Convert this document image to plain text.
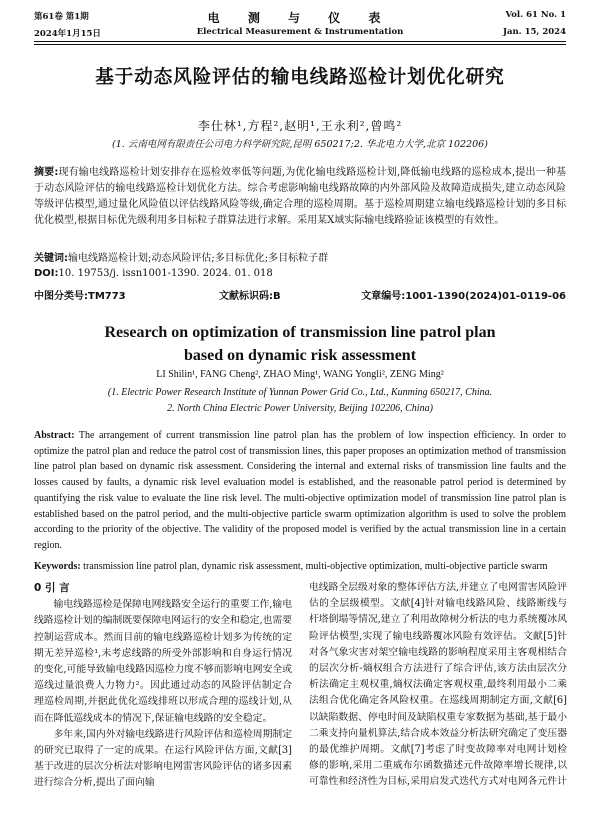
第61卷 第1期	电 测 与 仪 表	Vol. 61 No. 1
2024年1月15日	Electrical Measurement & Instrumentation	Jan. 15, 2024
基于动态风险评估的输电线路巡检计划优化研究
李仕林¹,方程²,赵明¹,王永利²,曾鸣²
(1. 云南电网有限责任公司电力科学研究院,昆明 650217;2. 华北电力大学,北京 102206)
摘要:现有输电线路巡检计划安排存在巡检效率低等问题,为优化输电线路巡检计划,降低输电线路的巡检成本,提出一种基于动态风险评估的输电线路巡检计划优化方法。综合考虑影响输电线路故障的内外部风险及故障造成损失,建立动态风险等级评估模型,通过量化风险值以评估线路风险等级,确定合理的巡检周期。基于巡检周期建立输电线路巡检计划的多目标优化模型,根据目标优先级利用多目标粒子群算法进行求解。采用某X域实际输电线路验证该模型的有效性。
关键词:输电线路巡检计划;动态风险评估;多目标优化;多目标粒子群
DOI:10. 19753/j. issn1001-1390. 2024. 01. 018
中图分类号:TM773	文献标识码:B	文章编号:1001-1390(2024)01-0119-06
Research on optimization of transmission line patrol plan
based on dynamic risk assessment
LI Shilin¹, FANG Cheng², ZHAO Ming¹, WANG Yongli², ZENG Ming²
(1. Electric Power Research Institute of Yunnan Power Grid Co., Ltd., Kunming 650217, China.
2. North China Electric Power University, Beijing 102206, China)
Abstract: The arrangement of current transmission line patrol plan has the problem of low inspection efficiency. In order to optimize the patrol plan and reduce the patrol cost of transmission lines, this paper proposes an optimization method of transmission line patrol plan based on dynamic risk assessment. Considering the internal and external risks of transmission line faults and the losses caused by faults, a dynamic risk level evaluation model is established, and the reasonable patrol period is determined by quantifying the risk value to evaluate the line risk level. The multi-objective optimization model of transmission line patrol plan is established based on the patrol period, and the multi-objective particle swarm optimization algorithm is used to solve the problem according to the priority of the objective. The validity of the proposed model is verified by the actual transmission line in a certain region.
Keywords: transmission line patrol plan, dynamic risk assessment, multi-objective optimization, multi-objective particle swarm
0 引 言

输电线路巡检是保障电网线路安全运行的重要工作,输电线路巡检计划的编制既要保障电网运行的安全和稳定,也需要控制运营成本。然而目前的输电线路巡检计划多为传统的定期无差异巡检¹,未考虑线路的所受外部影响和自身运行情况的变化,可能导致输电线路因巡检力度不够而影响电网安全或巡线过量浪费人力物力²。因此通过动态的风险评估制定合理巡检周期,并据此优化巡线排班以形成合理的巡线计划,从而在降低巡线成本的情况下,保证输电线路的安全稳定。

多年来,国内外对输电线路进行风险评估和巡检周期制定的研究已取得了一定的成果。在运行风险评估方面,文献[3]基于改进的层次分析法对影响电网雷害风险评估的诸多因素进行综合分析,提出了面向输

电线路全层级对象的整体评估方法,并建立了电网雷害风险评估的全层级模型。文献[4]针对输电线路风险、线路断线与杆塔倒塌等情况,建立了利用故障树分析法的电力系统覆冰风险评估模型,实现了输电线路覆冰风险有效评估。文献[5]针对各气象灾害对架空输电线路的影响程度采用主客观相结合的层次分析-熵权组合方法进行了综合评估,该方法由层次分析法确定主观权重,熵权法确定客观权重,最终利用最小二乘法组合优化确定各风险权重。在巡线周期制定方面,文献[6]以缺陷数据、停电时间及缺陷权重专家数据为基础,基于最小二乘支持向量机算法,结合成本效益分析法研究确定了变压器的最优维护周期。文献[7]考虑了时变故障率对电网计划检修的影响,采用二重威布尔函数描述元件故障率增长规律,以可靠性和经济性为目标,采用启发式迭代方式对电网各元件计
